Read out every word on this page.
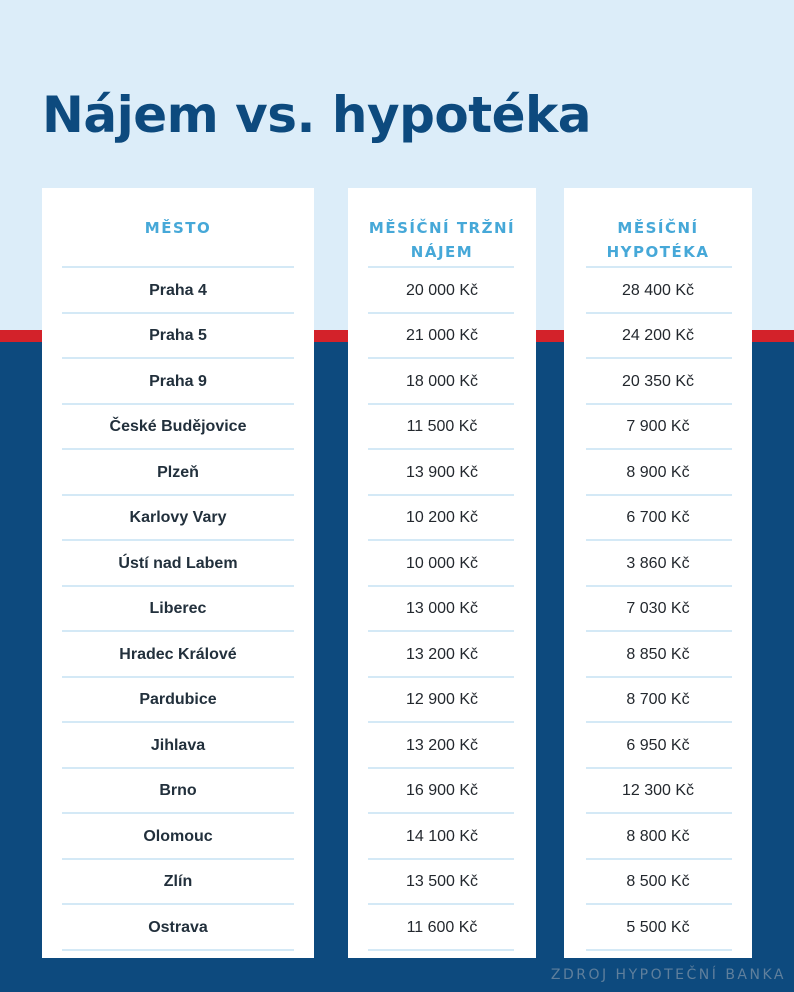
Nájem vs. hypotéka
MĚSTO
Praha 4
Praha 5
Praha 9
České Budějovice
Plzeň
Karlovy Vary
Ústí nad Labem
Liberec
Hradec Králové
Pardubice
Jihlava
Brno
Olomouc
Zlín
Ostrava
MĚSÍČNÍ TRŽNÍ NÁJEM
20 000 Kč
21 000 Kč
18 000 Kč
11 500 Kč
13 900 Kč
10 200 Kč
10 000 Kč
13 000 Kč
13 200 Kč
12 900 Kč
13 200 Kč
16 900 Kč
14 100 Kč
13 500 Kč
11 600 Kč
MĚSÍČNÍ HYPOTÉKA
28 400 Kč
24 200 Kč
20 350 Kč
7 900 Kč
8 900 Kč
6 700 Kč
3 860 Kč
7 030 Kč
8 850 Kč
8 700 Kč
6 950 Kč
12 300 Kč
8 800 Kč
8 500 Kč
5 500 Kč
ZDROJ HYPOTEČNÍ BANKA
